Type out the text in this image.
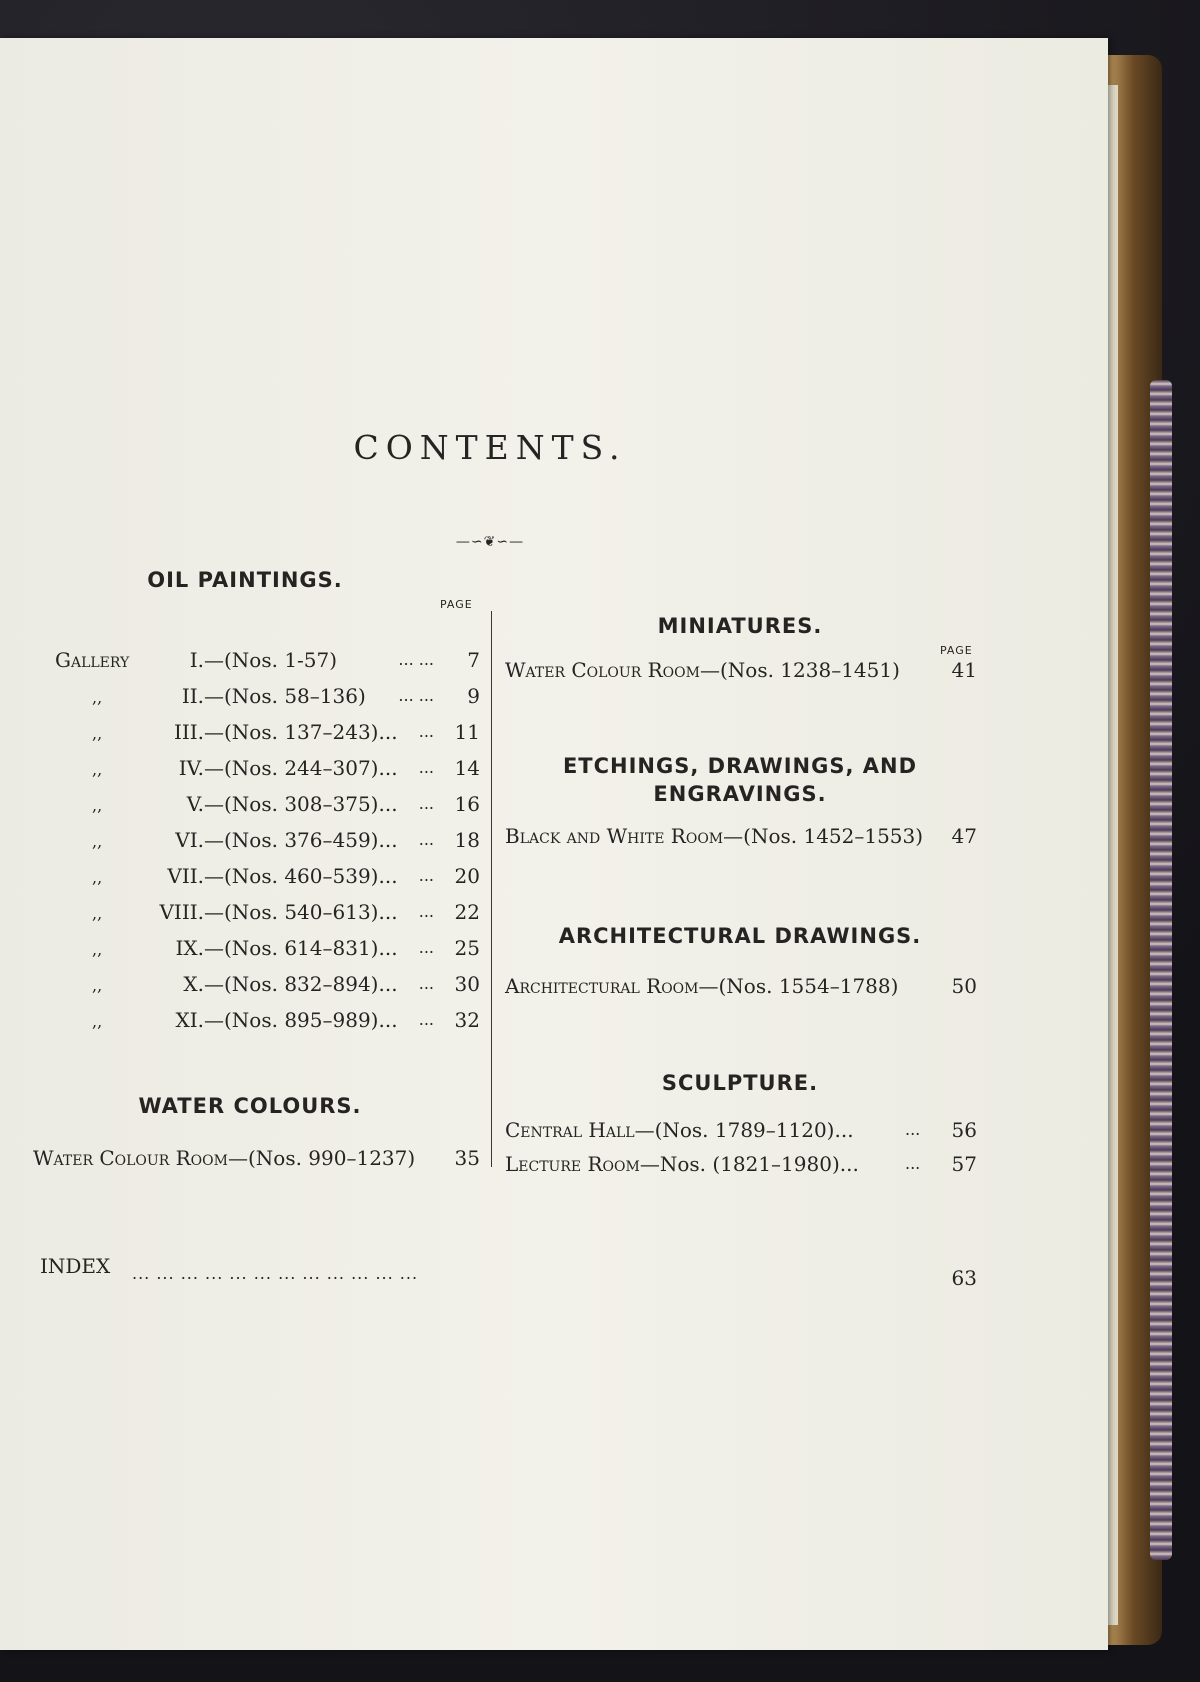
CONTENTS.
—∽❦∽—
OIL PAINTINGS.
PAGE
Gallery	I.—(Nos. 1-57)	... ...	7
,,	II.—(Nos. 58–136)	... ...	9
,,	III.—(Nos. 137–243)...	...	11
,,	IV.—(Nos. 244–307)...	...	14
,,	V.—(Nos. 308–375)...	...	16
,,	VI.—(Nos. 376–459)...	...	18
,,	VII.—(Nos. 460–539)...	...	20
,,	VIII.—(Nos. 540–613)...	...	22
,,	IX.—(Nos. 614–831)...	...	25
,,	X.—(Nos. 832–894)...	...	30
,,	XI.—(Nos. 895–989)...	...	32
WATER COLOURS.
Water Colour Room—(Nos. 990–1237)	35
MINIATURES.
PAGE
Water Colour Room—(Nos. 1238–1451)	41
ETCHINGS, DRAWINGS, AND
ENGRAVINGS.
Black and White Room—(Nos. 1452–1553)	47
ARCHITECTURAL DRAWINGS.
Architectural Room—(Nos. 1554–1788)	50
SCULPTURE.
Central Hall—(Nos. 1789–1120)...	...	56
Lecture Room—Nos. (1821–1980)...	...	57
INDEX ... ... ... ... ... ... ... ... ... ... ... ...	63
